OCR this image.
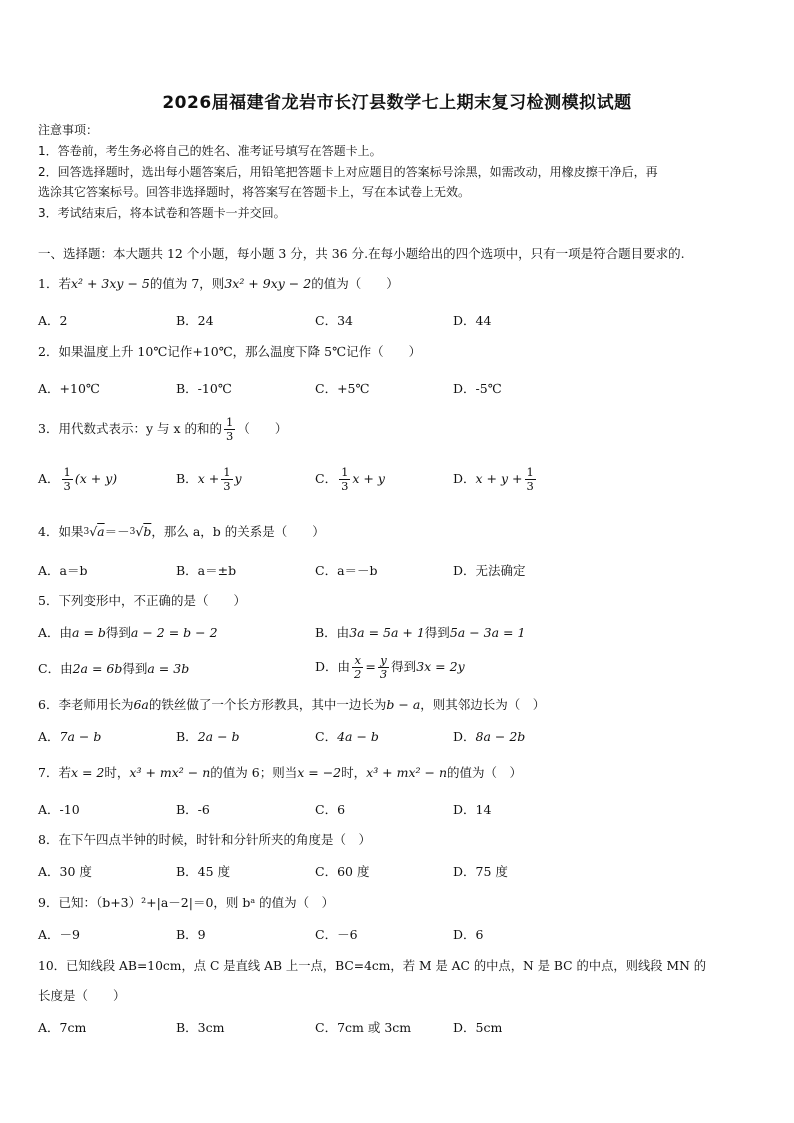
2026届福建省龙岩市长汀县数学七上期末复习检测模拟试题
注意事项：
1．答卷前，考生务必将自己的姓名、准考证号填写在答题卡上。
2．回答选择题时，选出每小题答案后，用铅笔把答题卡上对应题目的答案标号涂黑，如需改动，用橡皮擦干净后，再
选涂其它答案标号。回答非选择题时，将答案写在答题卡上，写在本试卷上无效。
3．考试结束后，将本试卷和答题卡一并交回。
一、选择题：本大题共 12 个小题，每小题 3 分，共 36 分.在每小题给出的四个选项中，只有一项是符合题目要求的.
1．若x² + 3xy − 5的值为 7，则3x² + 9xy − 2的值为（　　）
A．2	B．24	C．34	D．44
2．如果温度上升 10℃记作+10℃，那么温度下降 5℃记作（　　）
A．+10℃	B．-10℃	C．+5℃	D．-5℃
3．用代数式表示：y 与 x 的和的 $\frac{1}{3}$ （　　）
A． $\frac{1}{3} (x + y)$	B．$x + \frac{1}{3}$ y	C． $\frac{1}{3}$ x + y	D．$x + y + \frac{1}{3}$
4．如果$^3$√a＝－$^3$√b，那么 a，b 的关系是（　　）
A．a＝b	B．a＝±b	C．a＝－b	D．无法确定
5．下列变形中，不正确的是（　　）
A．由a = b得到a − 2 = b − 2	B．由3a = 5a + 1得到5a − 3a = 1
C．由2a = 6b得到a = 3b	D．由 $\frac{x}{2} = \frac{y}{3}$ 得到3x = 2y
6．李老师用长为6a的铁丝做了一个长方形教具，其中一边长为b − a，则其邻边长为（　）
A．7a − b	B．2a − b	C．4a − b	D．8a − 2b
7．若x = 2时，x³ + mx² − n的值为 6；则当x = −2时，x³ + mx² − n的值为（　）
A．-10	B．-6	C．6	D．14
8．在下午四点半钟的时候，时针和分针所夹的角度是（　）
A．30 度	B．45 度	C．60 度	D．75 度
9．已知：（b+3）²+|a－2|＝0，则 bᵃ 的值为（　）
A．－9	B．9	C．－6	D．6
10．已知线段 AB=10cm，点 C 是直线 AB 上一点，BC=4cm，若 M 是 AC 的中点，N 是 BC 的中点，则线段 MN 的
长度是（　　）
A．7cm	B．3cm	C．7cm 或 3cm	D．5cm
